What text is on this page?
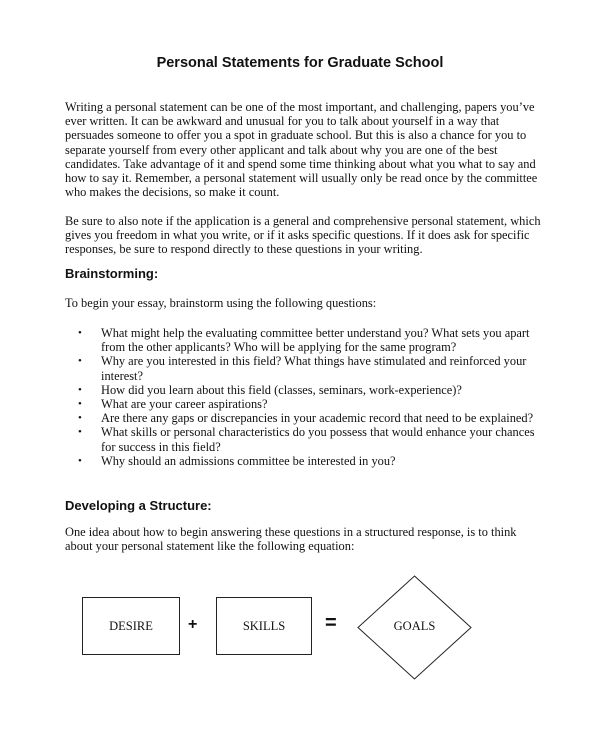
Personal Statements for Graduate School

Writing a personal statement can be one of the most important, and challenging, papers you’ve ever written. It can be awkward and unusual for you to talk about yourself in a way that persuades someone to offer you a spot in graduate school. But this is also a chance for you to separate yourself from every other applicant and talk about why you are one of the best candidates. Take advantage of it and spend some time thinking about what you what to say and how to say it. Remember, a personal statement will usually only be read once by the committee who makes the decisions, so make it count.

Be sure to also note if the application is a general and comprehensive personal statement, which gives you freedom in what you write, or if it asks specific questions. If it does ask for specific responses, be sure to respond directly to these questions in your writing.

Brainstorming:

To begin your essay, brainstorm using the following questions:

• What might help the evaluating committee better understand you? What sets you apart from the other applicants? Who will be applying for the same program?
• Why are you interested in this field? What things have stimulated and reinforced your interest?
• How did you learn about this field (classes, seminars, work-experience)?
• What are your career aspirations?
• Are there any gaps or discrepancies in your academic record that need to be explained?
• What skills or personal characteristics do you possess that would enhance your chances for success in this field?
• Why should an admissions committee be interested in you?
Developing a Structure:

One idea about how to begin answering these questions in a structured response, is to think about your personal statement like the following equation:

DESIRE +	SKILLS =	GOALS
